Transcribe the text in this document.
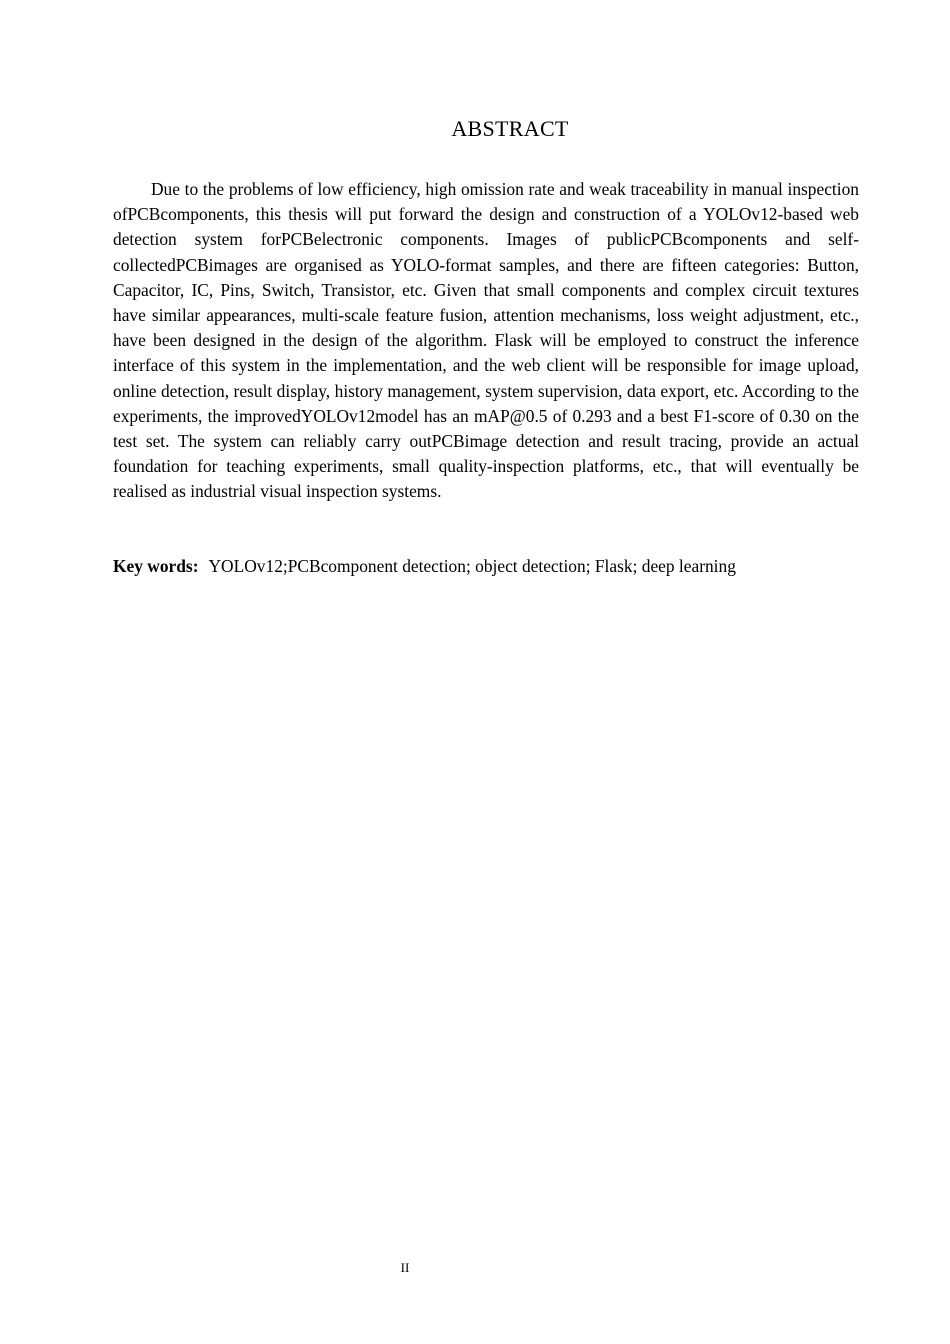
ABSTRACT

Due to the problems of low efficiency, high omission rate and weak traceability in manual inspection ofPCBcomponents, this thesis will put forward the design and construction of a YOLOv12-based web detection system forPCBelectronic components. Images of publicPCBcomponents and self-collectedPCBimages are organised as YOLO-format samples, and there are fifteen categories: Button, Capacitor, IC, Pins, Switch, Transistor, etc. Given that small components and complex circuit textures have similar appearances, multi-scale feature fusion, attention mechanisms, loss weight adjustment, etc., have been designed in the design of the algorithm. Flask will be employed to construct the inference interface of this system in the implementation, and the web client will be responsible for image upload, online detection, result display, history management, system supervision, data export, etc. According to the experiments, the improvedYOLOv12model has an mAP@0.5 of 0.293 and a best F1-score of 0.30 on the test set. The system can reliably carry outPCBimage detection and result tracing, provide an actual foundation for teaching experiments, small quality-inspection platforms, etc., that will eventually be realised as industrial visual inspection systems.

Key words: YOLOv12;PCBcomponent detection; object detection; Flask; deep learning

II
